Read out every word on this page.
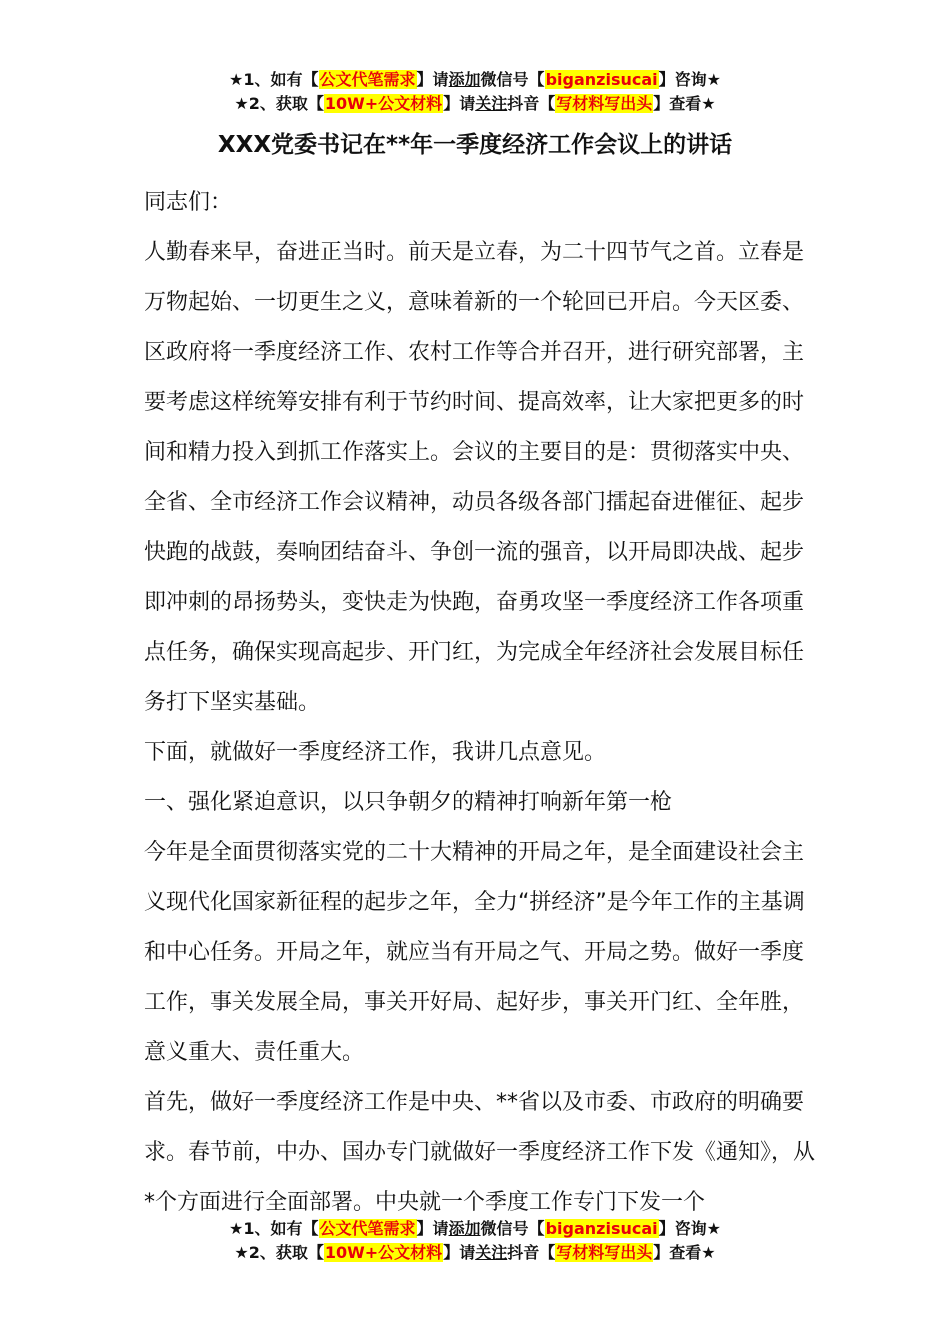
★1、如有【公文代笔需求】请添加微信号【biganzisucai】咨询★
★2、获取【10W+公文材料】请关注抖音【写材料写出头】查看★
XXX党委书记在**年一季度经济工作会议上的讲话

同志们：

人勤春来早，奋进正当时。前天是立春，为二十四节气之首。立春是万物起始、一切更生之义，意味着新的一个轮回已开启。今天区委、区政府将一季度经济工作、农村工作等合并召开，进行研究部署，主要考虑这样统筹安排有利于节约时间、提高效率，让大家把更多的时间和精力投入到抓工作落实上。会议的主要目的是：贯彻落实中央、全省、全市经济工作会议精神，动员各级各部门擂起奋进催征、起步快跑的战鼓，奏响团结奋斗、争创一流的强音，以开局即决战、起步即冲刺的昂扬势头，变快走为快跑，奋勇攻坚一季度经济工作各项重点任务，确保实现高起步、开门红，为完成全年经济社会发展目标任务打下坚实基础。

下面，就做好一季度经济工作，我讲几点意见。

一、强化紧迫意识，以只争朝夕的精神打响新年第一枪

今年是全面贯彻落实党的二十大精神的开局之年，是全面建设社会主义现代化国家新征程的起步之年，全力“拼经济”是今年工作的主基调和中心任务。开局之年，就应当有开局之气、开局之势。做好一季度工作，事关发展全局，事关开好局、起好步，事关开门红、全年胜，意义重大、责任重大。

首先，做好一季度经济工作是中央、**省以及市委、市政府的明确要求。春节前，中办、国办专门就做好一季度经济工作下发《通知》，从*个方面进行全面部署。中央就一个季度工作专门下发一个

★1、如有【公文代笔需求】请添加微信号【biganzisucai】咨询★
★2、获取【10W+公文材料】请关注抖音【写材料写出头】查看★
